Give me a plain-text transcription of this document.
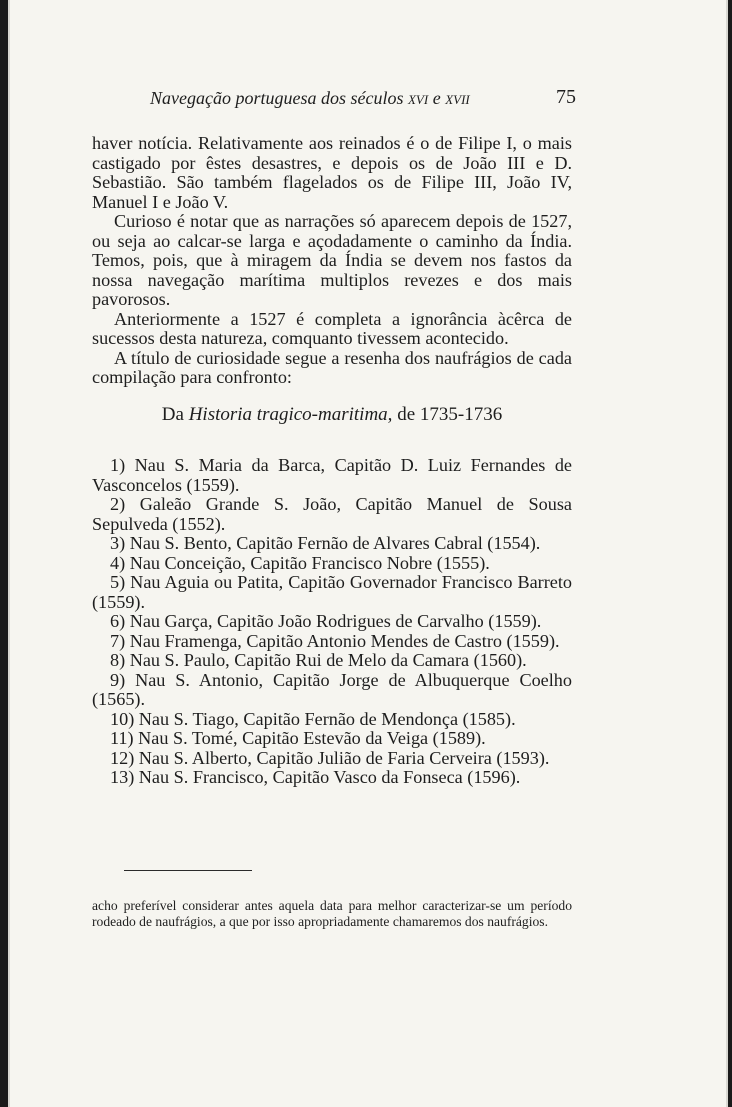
Navegação portuguesa dos séculos XVI e XVII	75

haver notícia. Relativamente aos reinados é o de Filipe I, o mais castigado por êstes desastres, e depois os de João III e D. Sebastião. São também flagelados os de Filipe III, João IV, Manuel I e João V.

Curioso é notar que as narrações só aparecem depois de 1527, ou seja ao calcar-se larga e açodadamente o caminho da Índia. Temos, pois, que à miragem da Índia se devem nos fastos da nossa navegação marítima multiplos revezes e dos mais pavorosos.

Anteriormente a 1527 é completa a ignorância àcêrca de sucessos desta natureza, comquanto tivessem acontecido.

A título de curiosidade segue a resenha dos naufrágios de cada compilação para confronto:

Da Historia tragico-maritima, de 1735-1736

1) Nau S. Maria da Barca, Capitão D. Luiz Fernandes de Vasconcelos (1559).

2) Galeão Grande S. João, Capitão Manuel de Sousa Sepulveda (1552).

3) Nau S. Bento, Capitão Fernão de Alvares Cabral (1554).

4) Nau Conceição, Capitão Francisco Nobre (1555).

5) Nau Aguia ou Patita, Capitão Governador Francisco Barreto (1559).

6) Nau Garça, Capitão João Rodrigues de Carvalho (1559).

7) Nau Framenga, Capitão Antonio Mendes de Castro (1559).

8) Nau S. Paulo, Capitão Rui de Melo da Camara (1560).

9) Nau S. Antonio, Capitão Jorge de Albuquerque Coelho (1565).

10) Nau S. Tiago, Capitão Fernão de Mendonça (1585).

11) Nau S. Tomé, Capitão Estevão da Veiga (1589).

12) Nau S. Alberto, Capitão Julião de Faria Cerveira (1593).

13) Nau S. Francisco, Capitão Vasco da Fonseca (1596).

acho preferível considerar antes aquela data para melhor caracterizar-se um período rodeado de naufrágios, a que por isso apropriadamente chamaremos dos naufrágios.
